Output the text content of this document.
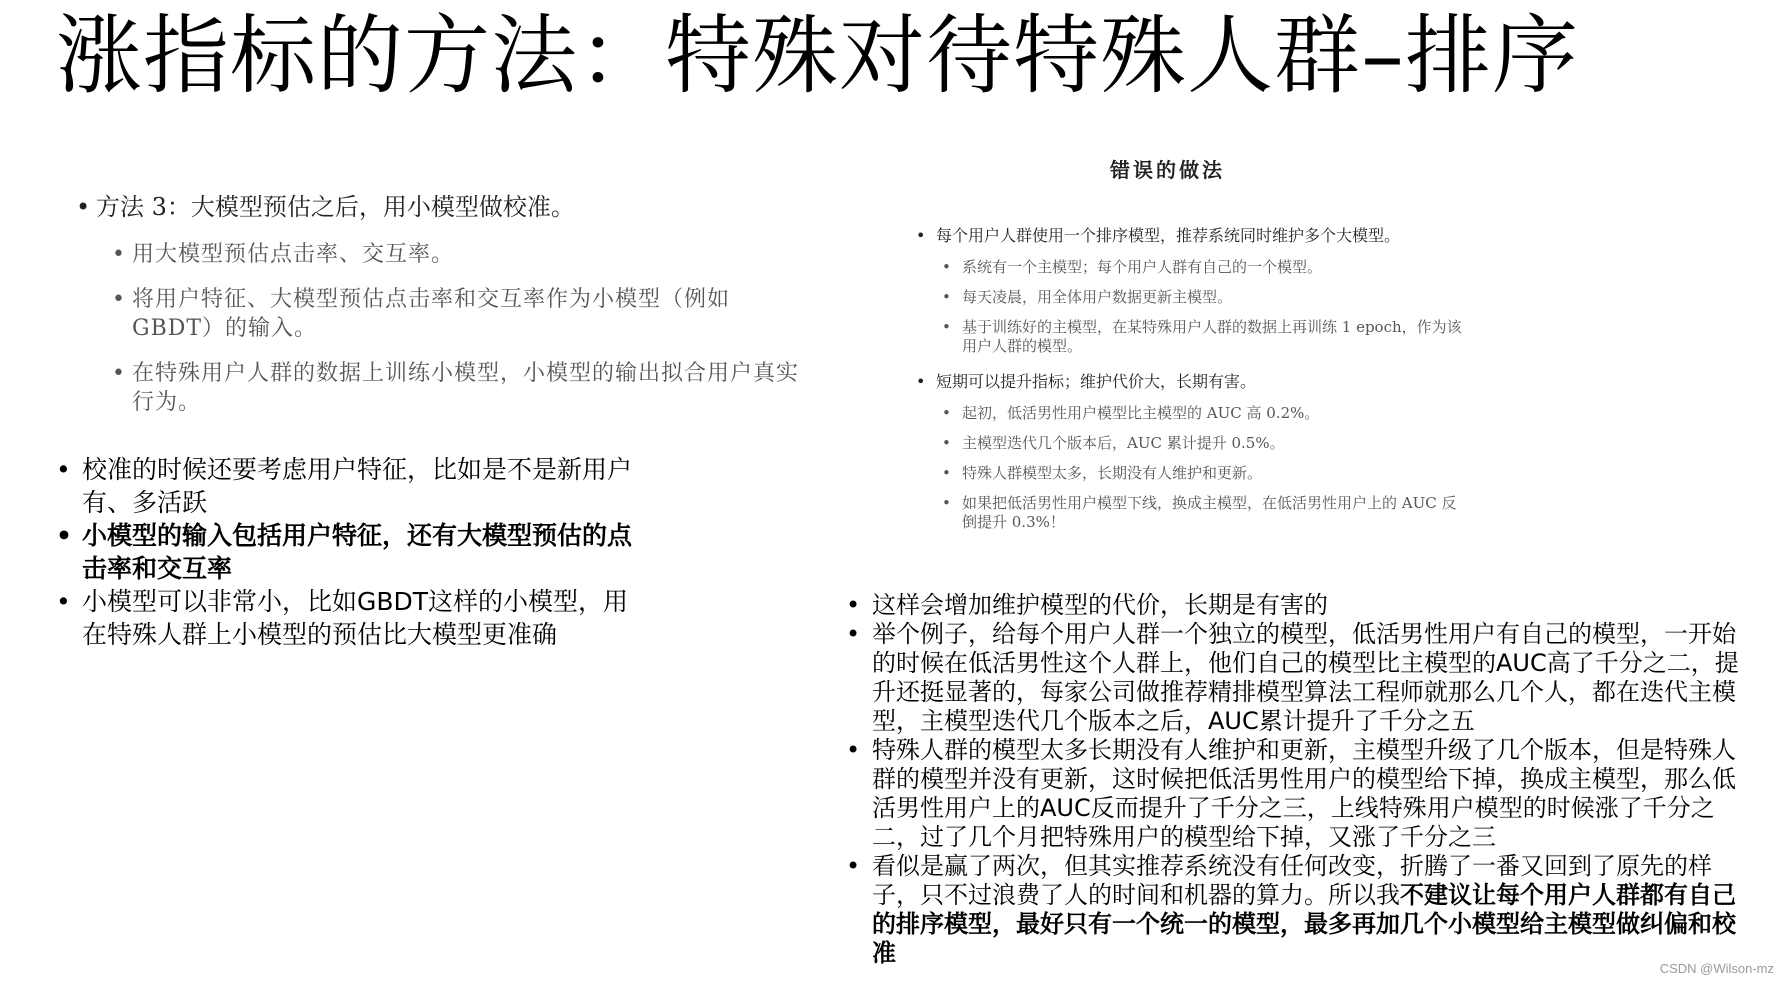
涨指标的方法：特殊对待特殊人群–排序
• 方法 3：大模型预估之后，用小模型做校准。
• 用大模型预估点击率、交互率。
• 将用户特征、大模型预估点击率和交互率作为小模型（例如 GBDT）的输入。
• 在特殊用户人群的数据上训练小模型，小模型的输出拟合用户真实行为。
• 校准的时候还要考虑用户特征，比如是不是新用户有、多活跃
• 小模型的输入包括用户特征，还有大模型预估的点击率和交互率
• 小模型可以非常小，比如GBDT这样的小模型，用在特殊人群上小模型的预估比大模型更准确
错误的做法
• 每个用户人群使用一个排序模型，推荐系统同时维护多个大模型。
• 系统有一个主模型；每个用户人群有自己的一个模型。
• 每天凌晨，用全体用户数据更新主模型。
• 基于训练好的主模型，在某特殊用户人群的数据上再训练 1 epoch，作为该用户人群的模型。
• 短期可以提升指标；维护代价大，长期有害。
• 起初，低活男性用户模型比主模型的 AUC 高 0.2%。
• 主模型迭代几个版本后，AUC 累计提升 0.5%。
• 特殊人群模型太多，长期没有人维护和更新。
• 如果把低活男性用户模型下线，换成主模型，在低活男性用户上的 AUC 反倒提升 0.3%！
• 这样会增加维护模型的代价，长期是有害的
• 举个例子，给每个用户人群一个独立的模型，低活男性用户有自己的模型，一开始的时候在低活男性这个人群上，他们自己的模型比主模型的AUC高了千分之二，提升还挺显著的，每家公司做推荐精排模型算法工程师就那么几个人，都在迭代主模型，主模型迭代几个版本之后，AUC累计提升了千分之五
• 特殊人群的模型太多长期没有人维护和更新，主模型升级了几个版本，但是特殊人群的模型并没有更新，这时候把低活男性用户的模型给下掉，换成主模型，那么低活男性用户上的AUC反而提升了千分之三，上线特殊用户模型的时候涨了千分之二，过了几个月把特殊用户的模型给下掉，又涨了千分之三
• 看似是赢了两次，但其实推荐系统没有任何改变，折腾了一番又回到了原先的样子，只不过浪费了人的时间和机器的算力。所以我不建议让每个用户人群都有自己的排序模型，最好只有一个统一的模型，最多再加几个小模型给主模型做纠偏和校准
CSDN @Wilson-mz
